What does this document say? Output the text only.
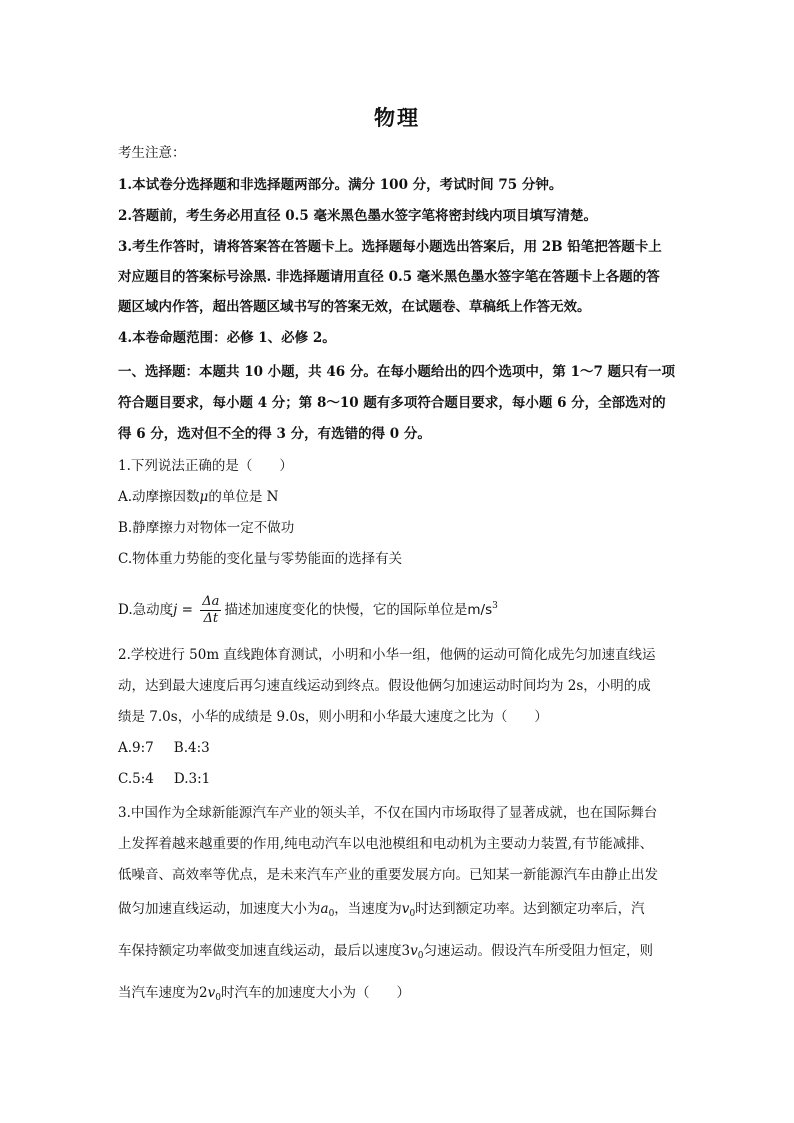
物理
考生注意：
1.本试卷分选择题和非选择题两部分。满分 100 分，考试时间 75 分钟。
2.答题前，考生务必用直径 0.5 毫米黑色墨水签字笔将密封线内项目填写清楚。
3.考生作答时，请将答案答在答题卡上。选择题每小题选出答案后，用 2B 铅笔把答题卡上
对应题目的答案标号涂黑. 非选择题请用直径 0.5 毫米黑色墨水签字笔在答题卡上各题的答
题区域内作答，超出答题区域书写的答案无效，在试题卷、草稿纸上作答无效。
4.本卷命题范围：必修 1、必修 2。
一、选择题：本题共 10 小题，共 46 分。在每小题给出的四个选项中，第 1～7 题只有一项
符合题目要求，每小题 4 分；第 8～10 题有多项符合题目要求，每小题 6 分，全部选对的
得 6 分，选对但不全的得 3 分，有选错的得 0 分。
1.下列说法正确的是（　　）
A.动摩擦因数μ的单位是 N
B.静摩擦力对物体一定不做功
C.物体重力势能的变化量与零势能面的选择有关
D.急动度$j = \frac{\Delta a}{\Delta t}$ 描述加速度变化的快慢，它的国际单位是$m/s^3$
2.学校进行 50m 直线跑体育测试，小明和小华一组，他俩的运动可简化成先匀加速直线运
动，达到最大速度后再匀速直线运动到终点。假设他俩匀加速运动时间均为 2s，小明的成
绩是 7.0s，小华的成绩是 9.0s，则小明和小华最大速度之比为（　　）
A.9:7 B.4:3
C.5:4 D.3:1
3.中国作为全球新能源汽车产业的领头羊，不仅在国内市场取得了显著成就，也在国际舞台
上发挥着越来越重要的作用,纯电动汽车以电池模组和电动机为主要动力装置,有节能减排、
低噪音、高效率等优点，是未来汽车产业的重要发展方向。已知某一新能源汽车由静止出发
做匀加速直线运动，加速度大小为$a_0$，当速度为$v_0$时达到额定功率。达到额定功率后，汽
车保持额定功率做变加速直线运动，最后以速度$3v_0$匀速运动。假设汽车所受阻力恒定，则
当汽车速度为$2v_0$时汽车的加速度大小为（　　）
